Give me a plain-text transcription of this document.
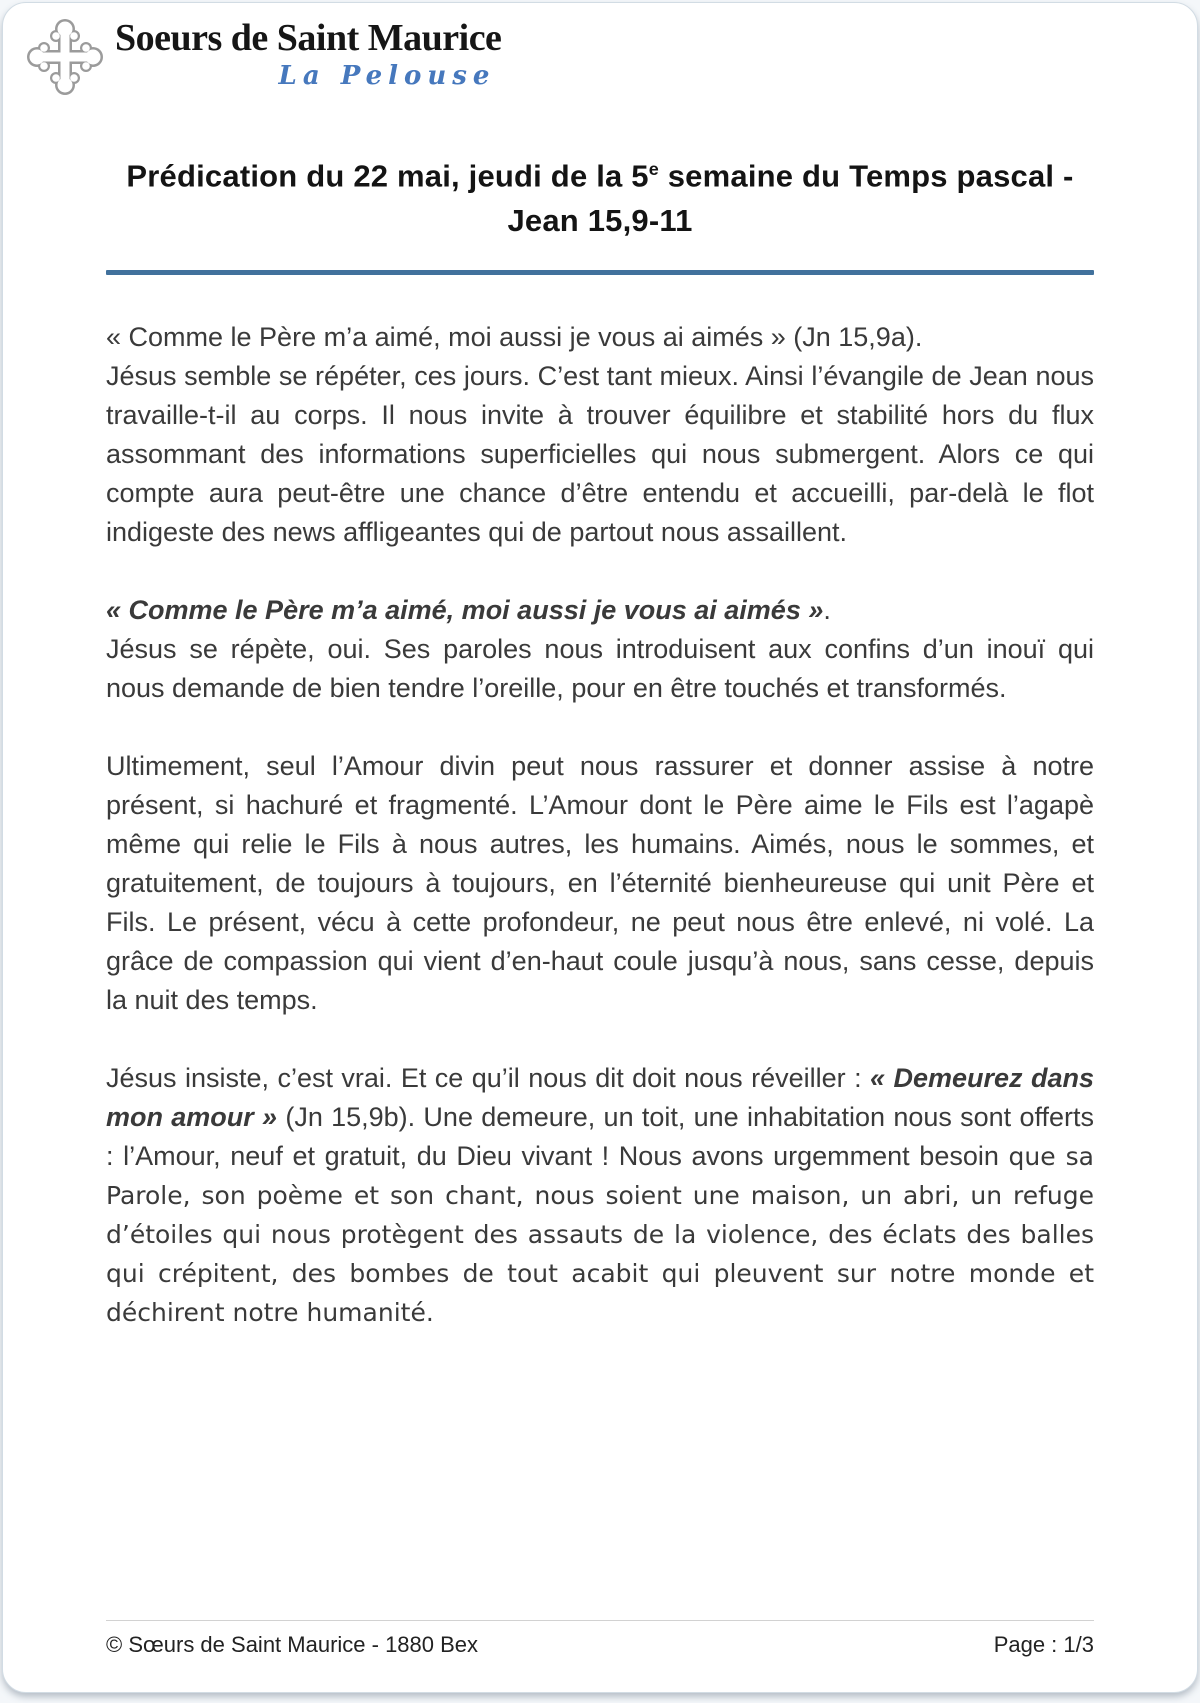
Soeurs de Saint Maurice
La Pelouse
Prédication du 22 mai, jeudi de la 5e semaine du Temps pascal - Jean 15,9-11

« Comme le Père m’a aimé, moi aussi je vous ai aimés » (Jn 15,9a).
Jésus semble se répéter, ces jours. C’est tant mieux. Ainsi l’évangile de Jean nous travaille-t-il au corps. Il nous invite à trouver équilibre et stabilité hors du flux assommant des informations superficielles qui nous submergent. Alors ce qui compte aura peut-être une chance d’être entendu et accueilli, par-delà le flot indigeste des news affligeantes qui de partout nous assaillent.

« Comme le Père m’a aimé, moi aussi je vous ai aimés ».
Jésus se répète, oui. Ses paroles nous introduisent aux confins d’un inouï qui nous demande de bien tendre l’oreille, pour en être touchés et transformés.

Ultimement, seul l’Amour divin peut nous rassurer et donner assise à notre présent, si hachuré et fragmenté. L’Amour dont le Père aime le Fils est l’agapè même qui relie le Fils à nous autres, les humains. Aimés, nous le sommes, et gratuitement, de toujours à toujours, en l’éternité bienheureuse qui unit Père et Fils. Le présent, vécu à cette profondeur, ne peut nous être enlevé, ni volé. La grâce de compassion qui vient d’en-haut coule jusqu’à nous, sans cesse, depuis la nuit des temps.

Jésus insiste, c’est vrai. Et ce qu’il nous dit doit nous réveiller : « Demeurez dans mon amour » (Jn 15,9b). Une demeure, un toit, une inhabitation nous sont offerts : l’Amour, neuf et gratuit, du Dieu vivant ! Nous avons urgemment besoin que sa Parole, son poème et son chant, nous soient une maison, un abri, un refuge d’étoiles qui nous protègent des assauts de la violence, des éclats des balles qui crépitent, des bombes de tout acabit qui pleuvent sur notre monde et déchirent notre humanité.

© Sœurs de Saint Maurice - 1880 Bex	Page : 1/3
